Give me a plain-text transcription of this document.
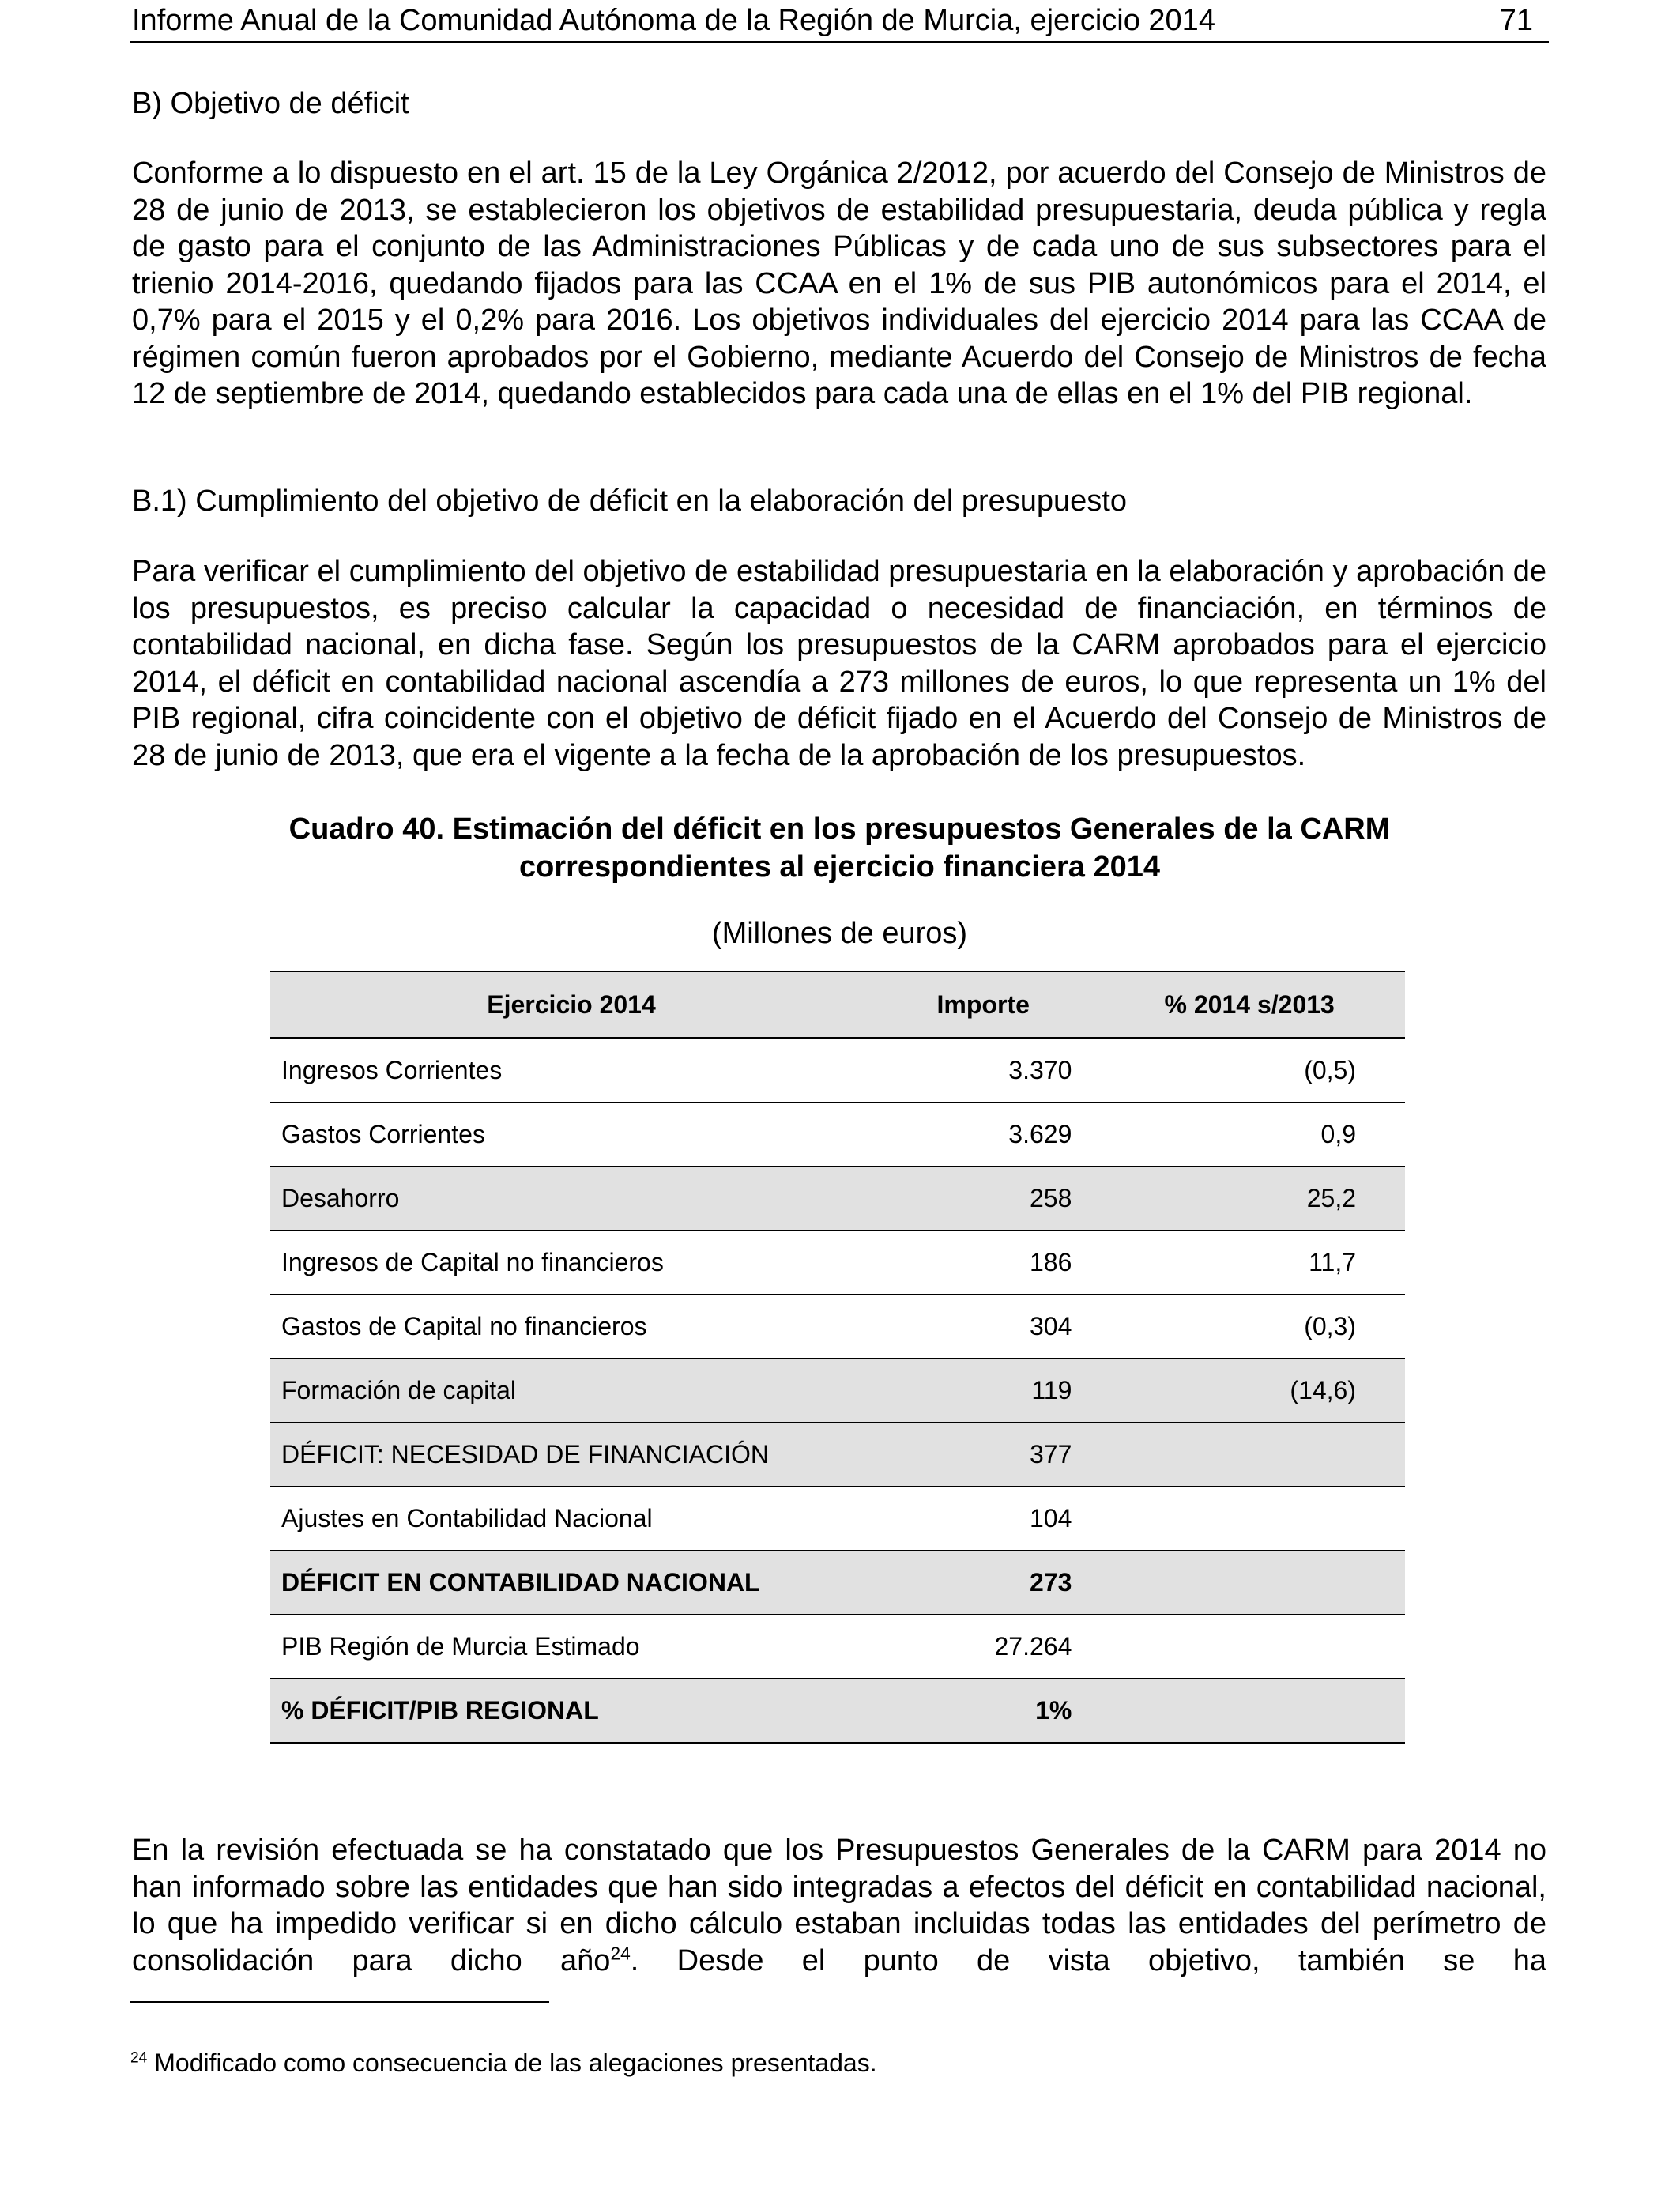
Informe Anual de la Comunidad Autónoma de la Región de Murcia, ejercicio 2014	71
B) Objetivo de déficit
Conforme a lo dispuesto en el art. 15 de la Ley Orgánica 2/2012, por acuerdo del Consejo de Ministros de 28 de junio de 2013, se establecieron los objetivos de estabilidad presupuestaria, deuda pública y regla de gasto para el conjunto de las Administraciones Públicas y de cada uno de sus subsectores para el trienio 2014-2016, quedando fijados para las CCAA en el 1% de sus PIB autonómicos para el 2014, el 0,7% para el 2015 y el 0,2% para 2016. Los objetivos individuales del ejercicio 2014 para las CCAA de régimen común fueron aprobados por el Gobierno, mediante Acuerdo del Consejo de Ministros de fecha 12 de septiembre de 2014, quedando establecidos para cada una de ellas en el 1% del PIB regional.
B.1) Cumplimiento del objetivo de déficit en la elaboración del presupuesto
Para verificar el cumplimiento del objetivo de estabilidad presupuestaria en la elaboración y aprobación de los presupuestos, es preciso calcular la capacidad o necesidad de financiación, en términos de contabilidad nacional, en dicha fase. Según los presupuestos de la CARM aprobados para el ejercicio 2014, el déficit en contabilidad nacional ascendía a 273 millones de euros, lo que representa un 1% del PIB regional, cifra coincidente con el objetivo de déficit fijado en el Acuerdo del Consejo de Ministros de 28 de junio de 2013, que era el vigente a la fecha de la aprobación de los presupuestos.
Cuadro 40. Estimación del déficit en los presupuestos Generales de la CARM
correspondientes al ejercicio financiera 2014
(Millones de euros)
Ejercicio 2014	Importe	% 2014 s/2013
Ingresos Corrientes	3.370	(0,5)
Gastos Corrientes	3.629	0,9
Desahorro	258	25,2
Ingresos de Capital no financieros	186	11,7
Gastos de Capital no financieros	304	(0,3)
Formación de capital	119	(14,6)
DÉFICIT: NECESIDAD DE FINANCIACIÓN	377	
Ajustes en Contabilidad Nacional	104	
DÉFICIT EN CONTABILIDAD NACIONAL	273	
PIB Región de Murcia Estimado	27.264	
% DÉFICIT/PIB REGIONAL	1%	
En la revisión efectuada se ha constatado que los Presupuestos Generales de la CARM para 2014 no han informado sobre las entidades que han sido integradas a efectos del déficit en contabilidad nacional, lo que ha impedido verificar si en dicho cálculo estaban incluidas todas las entidades del perímetro de consolidación para dicho año$^{24}$. Desde el punto de vista objetivo, también se ha
$^{24}$ Modificado como consecuencia de las alegaciones presentadas.
